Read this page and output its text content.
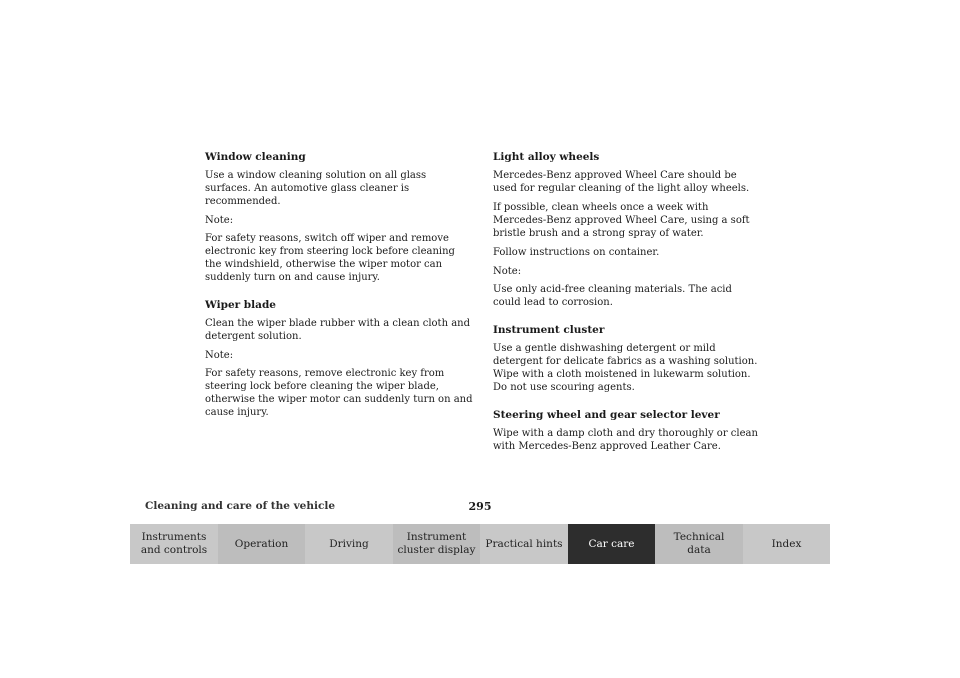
Window cleaning
Use a window cleaning solution on all glass surfaces. An automotive glass cleaner is recommended.
Note:
For safety reasons, switch off wiper and remove electronic key from steering lock before cleaning the windshield, otherwise the wiper motor can suddenly turn on and cause injury.
Wiper blade
Clean the wiper blade rubber with a clean cloth and detergent solution.
Note:
For safety reasons, remove electronic key from steering lock before cleaning the wiper blade, otherwise the wiper motor can suddenly turn on and cause injury.
Light alloy wheels
Mercedes-Benz approved Wheel Care should be used for regular cleaning of the light alloy wheels.
If possible, clean wheels once a week with Mercedes-Benz approved Wheel Care, using a soft bristle brush and a strong spray of water.
Follow instructions on container.
Note:
Use only acid-free cleaning materials. The acid could lead to corrosion.
Instrument cluster
Use a gentle dishwashing detergent or mild detergent for delicate fabrics as a washing solution. Wipe with a cloth moistened in lukewarm solution. Do not use scouring agents.
Steering wheel and gear selector lever
Wipe with a damp cloth and dry thoroughly or clean with Mercedes-Benz approved Leather Care.
Cleaning and care of the vehicle	295
Instruments
and controls
Operation	Driving
Instrument
cluster display
Practical hints Car care
Technical
data
Index
